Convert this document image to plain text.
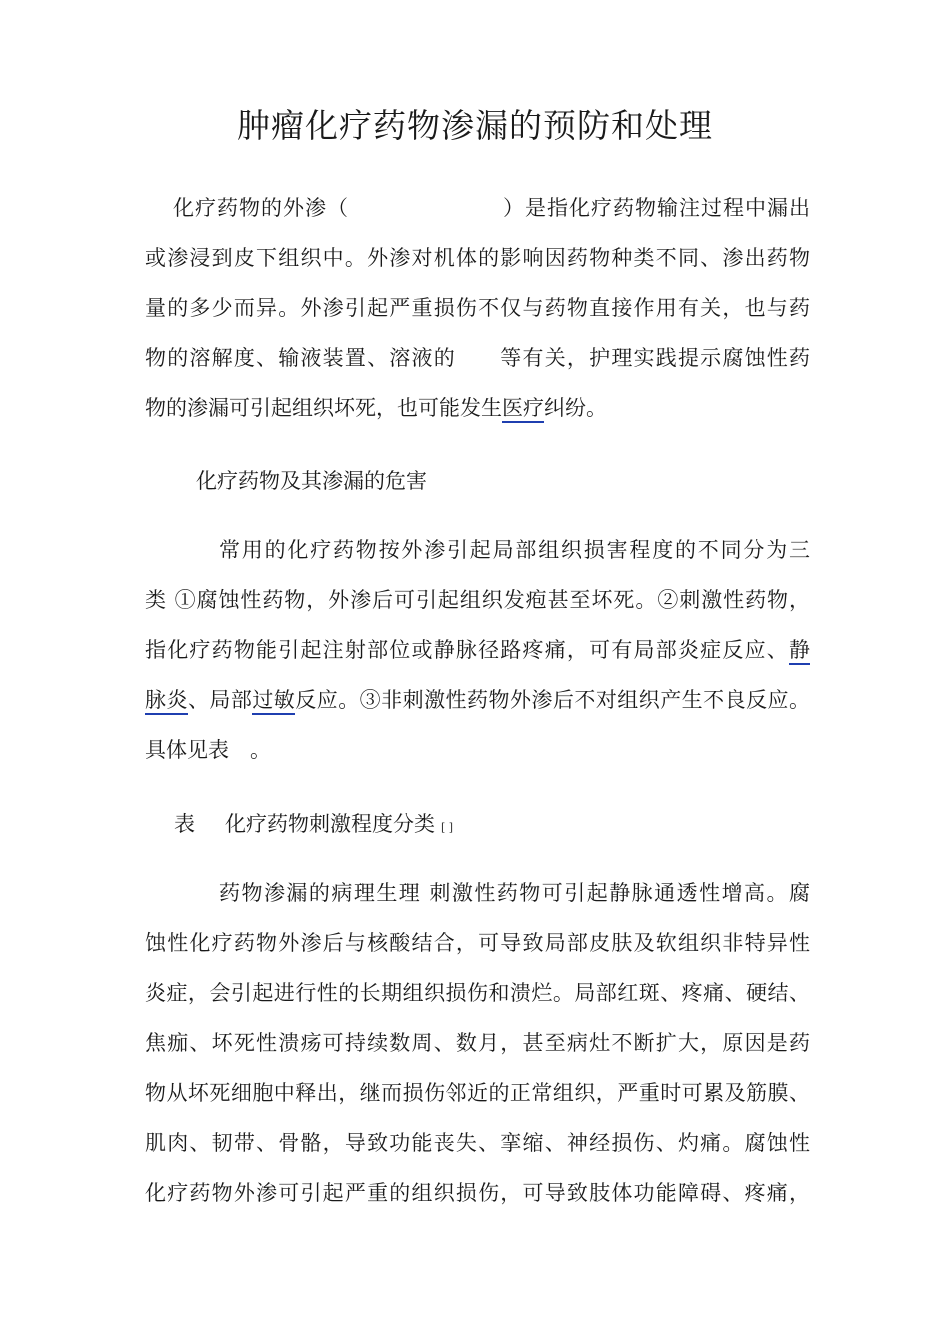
肿瘤化疗药物渗漏的预防和处理
化疗药物的外渗（　　　　　　　）是指化疗药物输注过程中漏出
或渗浸到皮下组织中。外渗对机体的影响因药物种类不同、渗出药物
量的多少而异。外渗引起严重损伤不仅与药物直接作用有关，也与药
物的溶解度、输液装置、溶液的　　等有关，护理实践提示腐蚀性药
物的渗漏可引起组织坏死，也可能发生医疗纠纷。
化疗药物及其渗漏的危害
常用的化疗药物按外渗引起局部组织损害程度的不同分为三
类 ①腐蚀性药物，外渗后可引起组织发疱甚至坏死。②刺激性药物，
指化疗药物能引起注射部位或静脉径路疼痛，可有局部炎症反应、静
脉炎、局部过敏反应。③非刺激性药物外渗后不对组织产生不良反应。
具体见表　。
表 化疗药物刺激程度分类 [ ]
药物渗漏的病理生理 刺激性药物可引起静脉通透性增高。腐
蚀性化疗药物外渗后与核酸结合，可导致局部皮肤及软组织非特异性
炎症，会引起进行性的长期组织损伤和溃烂。局部红斑、疼痛、硬结、
焦痂、坏死性溃疡可持续数周、数月，甚至病灶不断扩大，原因是药
物从坏死细胞中释出，继而损伤邻近的正常组织，严重时可累及筋膜、
肌肉、韧带、骨骼，导致功能丧失、挛缩、神经损伤、灼痛。腐蚀性
化疗药物外渗可引起严重的组织损伤，可导致肢体功能障碍、疼痛，
